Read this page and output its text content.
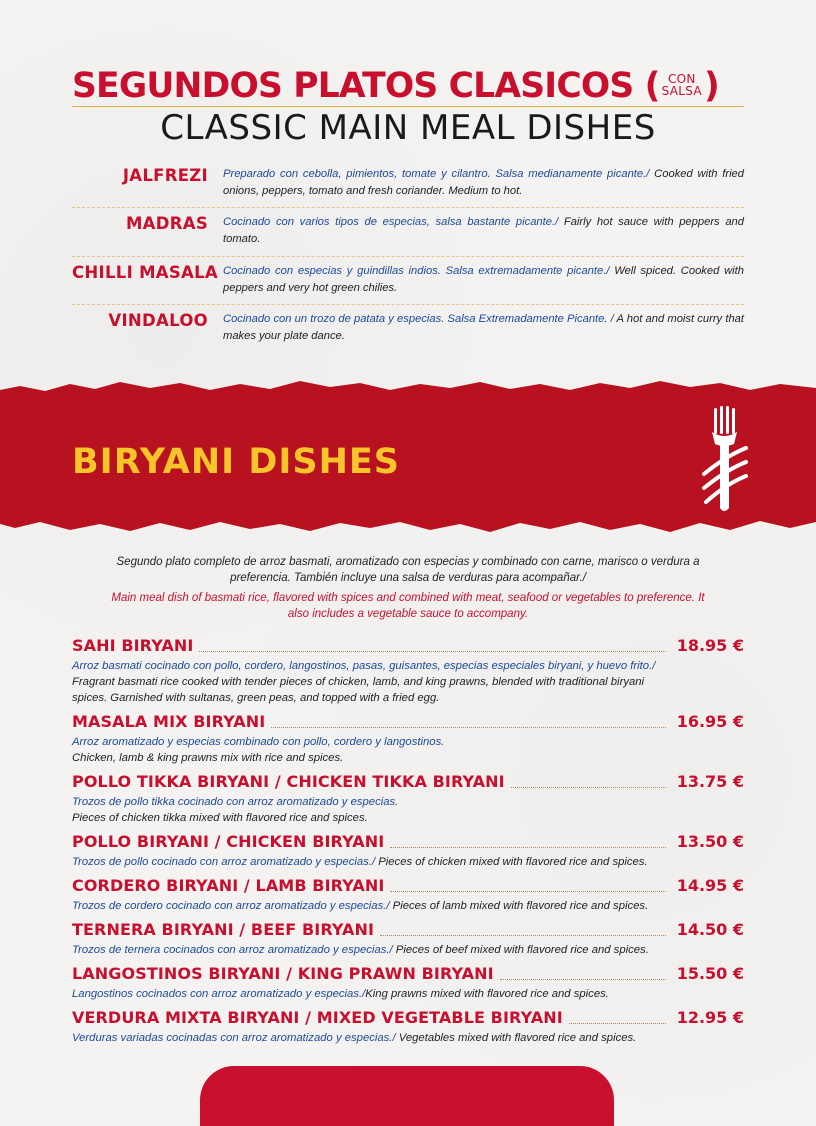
SEGUNDOS PLATOS CLASICOS ( CON
SALSA)
CLASSIC MAIN MEAL DISHES
JALFREZI Preparado con cebolla, pimientos, tomate y cilantro. Salsa medianamente picante./ Cooked with fried onions, peppers, tomato and fresh coriander. Medium to hot.
MADRAS Cocinado con varios tipos de especias, salsa bastante picante./ Fairly hot sauce with peppers and tomato.
CHILLI MASALA Cocinado con especias y guindillas indios. Salsa extremadamente picante./ Well spiced. Cooked with peppers and very hot green chilies.
VINDALOO Cocinado con un trozo de patata y especias. Salsa Extremadamente Picante. / A hot and moist curry that makes your plate dance.
BIRYANI DISHES
Segundo plato completo de arroz basmati, aromatizado con especias y combinado con carne, marisco o verdura a preferencia. También incluye una salsa de verduras para acompañar./
Main meal dish of basmati rice, flavored with spices and combined with meat, seafood or vegetables to preference. It also includes a vegetable sauce to accompany.
SAHI BIRYANI	18.95 €
Arroz basmati cocinado con pollo, cordero, langostinos, pasas, guisantes, especias especiales biryani, y huevo frito./ Fragrant basmati rice cooked with tender pieces of chicken, lamb, and king prawns, blended with traditional biryani spices. Garnished with sultanas, green peas, and topped with a fried egg.
MASALA MIX BIRYANI	16.95 €
Arroz aromatizado y especias combinado con pollo, cordero y langostinos.
Chicken, lamb & king prawns mix with rice and spices.
POLLO TIKKA BIRYANI / CHICKEN TIKKA BIRYANI	13.75 €
Trozos de pollo tikka cocinado con arroz aromatizado y especias.
Pieces of chicken tikka mixed with flavored rice and spices.
POLLO BIRYANI / CHICKEN BIRYANI	13.50 €
Trozos de pollo cocinado con arroz aromatizado y especias./ Pieces of chicken mixed with flavored rice and spices.
CORDERO BIRYANI / LAMB BIRYANI	14.95 €
Trozos de cordero cocinado con arroz aromatizado y especias./ Pieces of lamb mixed with flavored rice and spices.
TERNERA BIRYANI / BEEF BIRYANI	14.50 €
Trozos de ternera cocinados con arroz aromatizado y especias./ Pieces of beef mixed with flavored rice and spices.
LANGOSTINOS BIRYANI / KING PRAWN BIRYANI	15.50 €
Langostinos cocinados con arroz aromatizado y especias./King prawns mixed with flavored rice and spices.
VERDURA MIXTA BIRYANI / MIXED VEGETABLE BIRYANI	12.95 €
Verduras variadas cocinadas con arroz aromatizado y especias./ Vegetables mixed with flavored rice and spices.
